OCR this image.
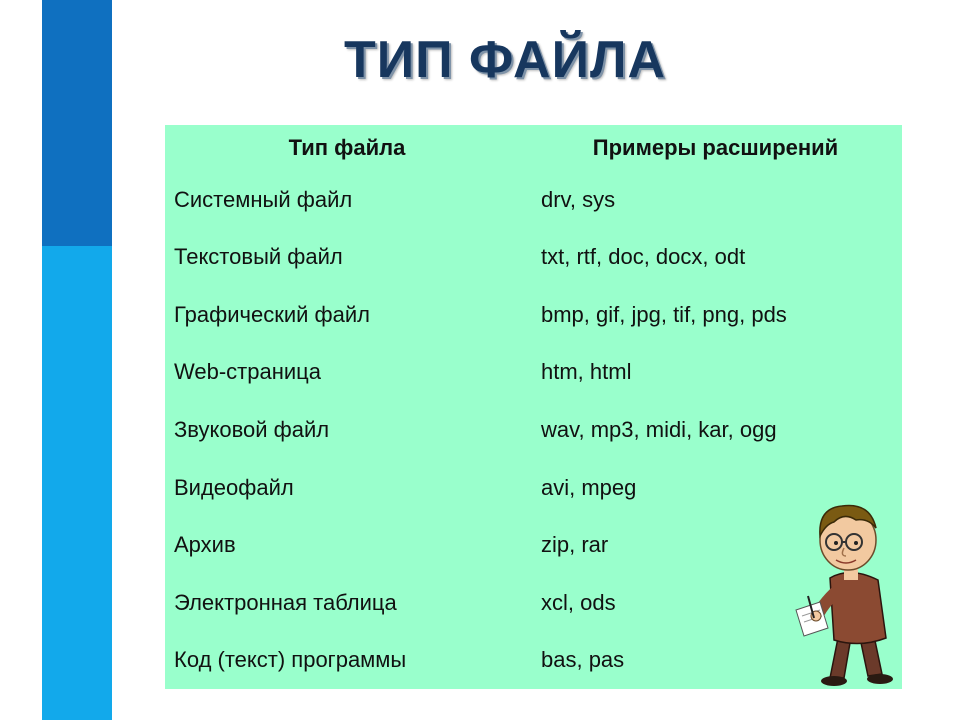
ТИП ФАЙЛА
Тип файла	Примеры расширений
Системный файл	drv, sys
Текстовый файл	txt, rtf, doc, docx, odt
Графический файл	bmp, gif, jpg, tif, png, pds
Web-страница	htm, html
Звуковой файл	wav, mp3, midi, kar, ogg
Видеофайл	avi, mpeg
Архив	zip, rar
Электронная таблица	xcl, ods
Код (текст) программы	bas, pas
